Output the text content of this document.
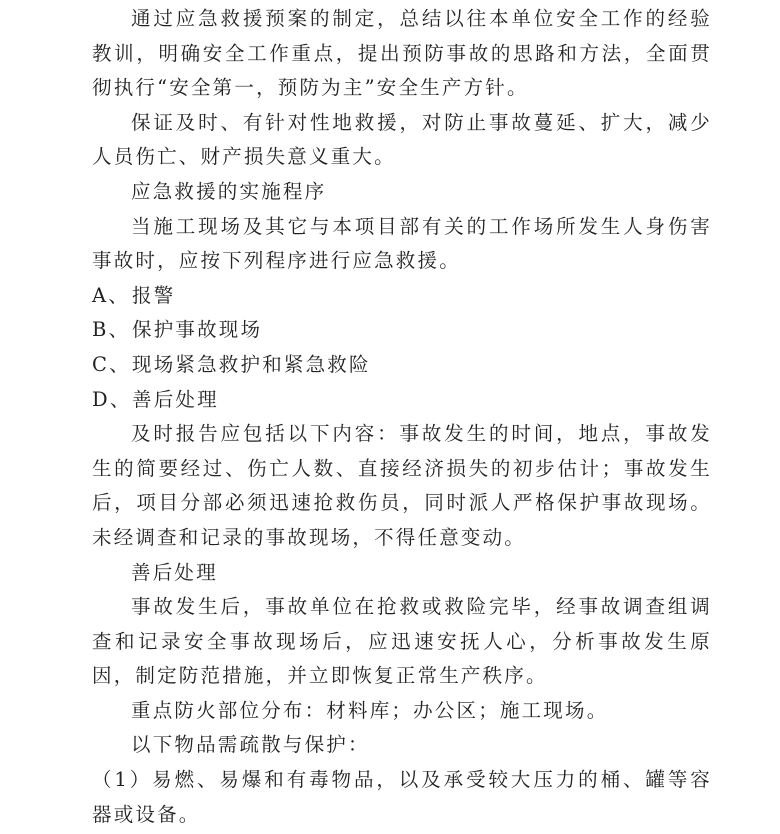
通过应急救援预案的制定，总结以往本单位安全工作的经验教训，明确安全工作重点，提出预防事故的思路和方法，全面贯彻执行“安全第一，预防为主”安全生产方针。

保证及时、有针对性地救援，对防止事故蔓延、扩大，减少人员伤亡、财产损失意义重大。

应急救援的实施程序

当施工现场及其它与本项目部有关的工作场所发生人身伤害事故时，应按下列程序进行应急救援。

A、 报警

B、保护事故现场

C、现场紧急救护和紧急救险

D、善后处理

及时报告应包括以下内容：事故发生的时间，地点，事故发生的简要经过、伤亡人数、直接经济损失的初步估计；事故发生后，项目分部必须迅速抢救伤员，同时派人严格保护事故现场。未经调查和记录的事故现场，不得任意变动。

善后处理

事故发生后，事故单位在抢救或救险完毕，经事故调查组调查和记录安全事故现场后，应迅速安抚人心，分析事故发生原因，制定防范措施，并立即恢复正常生产秩序。

重点防火部位分布：材料库；办公区；施工现场。

以下物品需疏散与保护：

（1）易燃、易爆和有毒物品，以及承受较大压力的桶、罐等容器或设备。
